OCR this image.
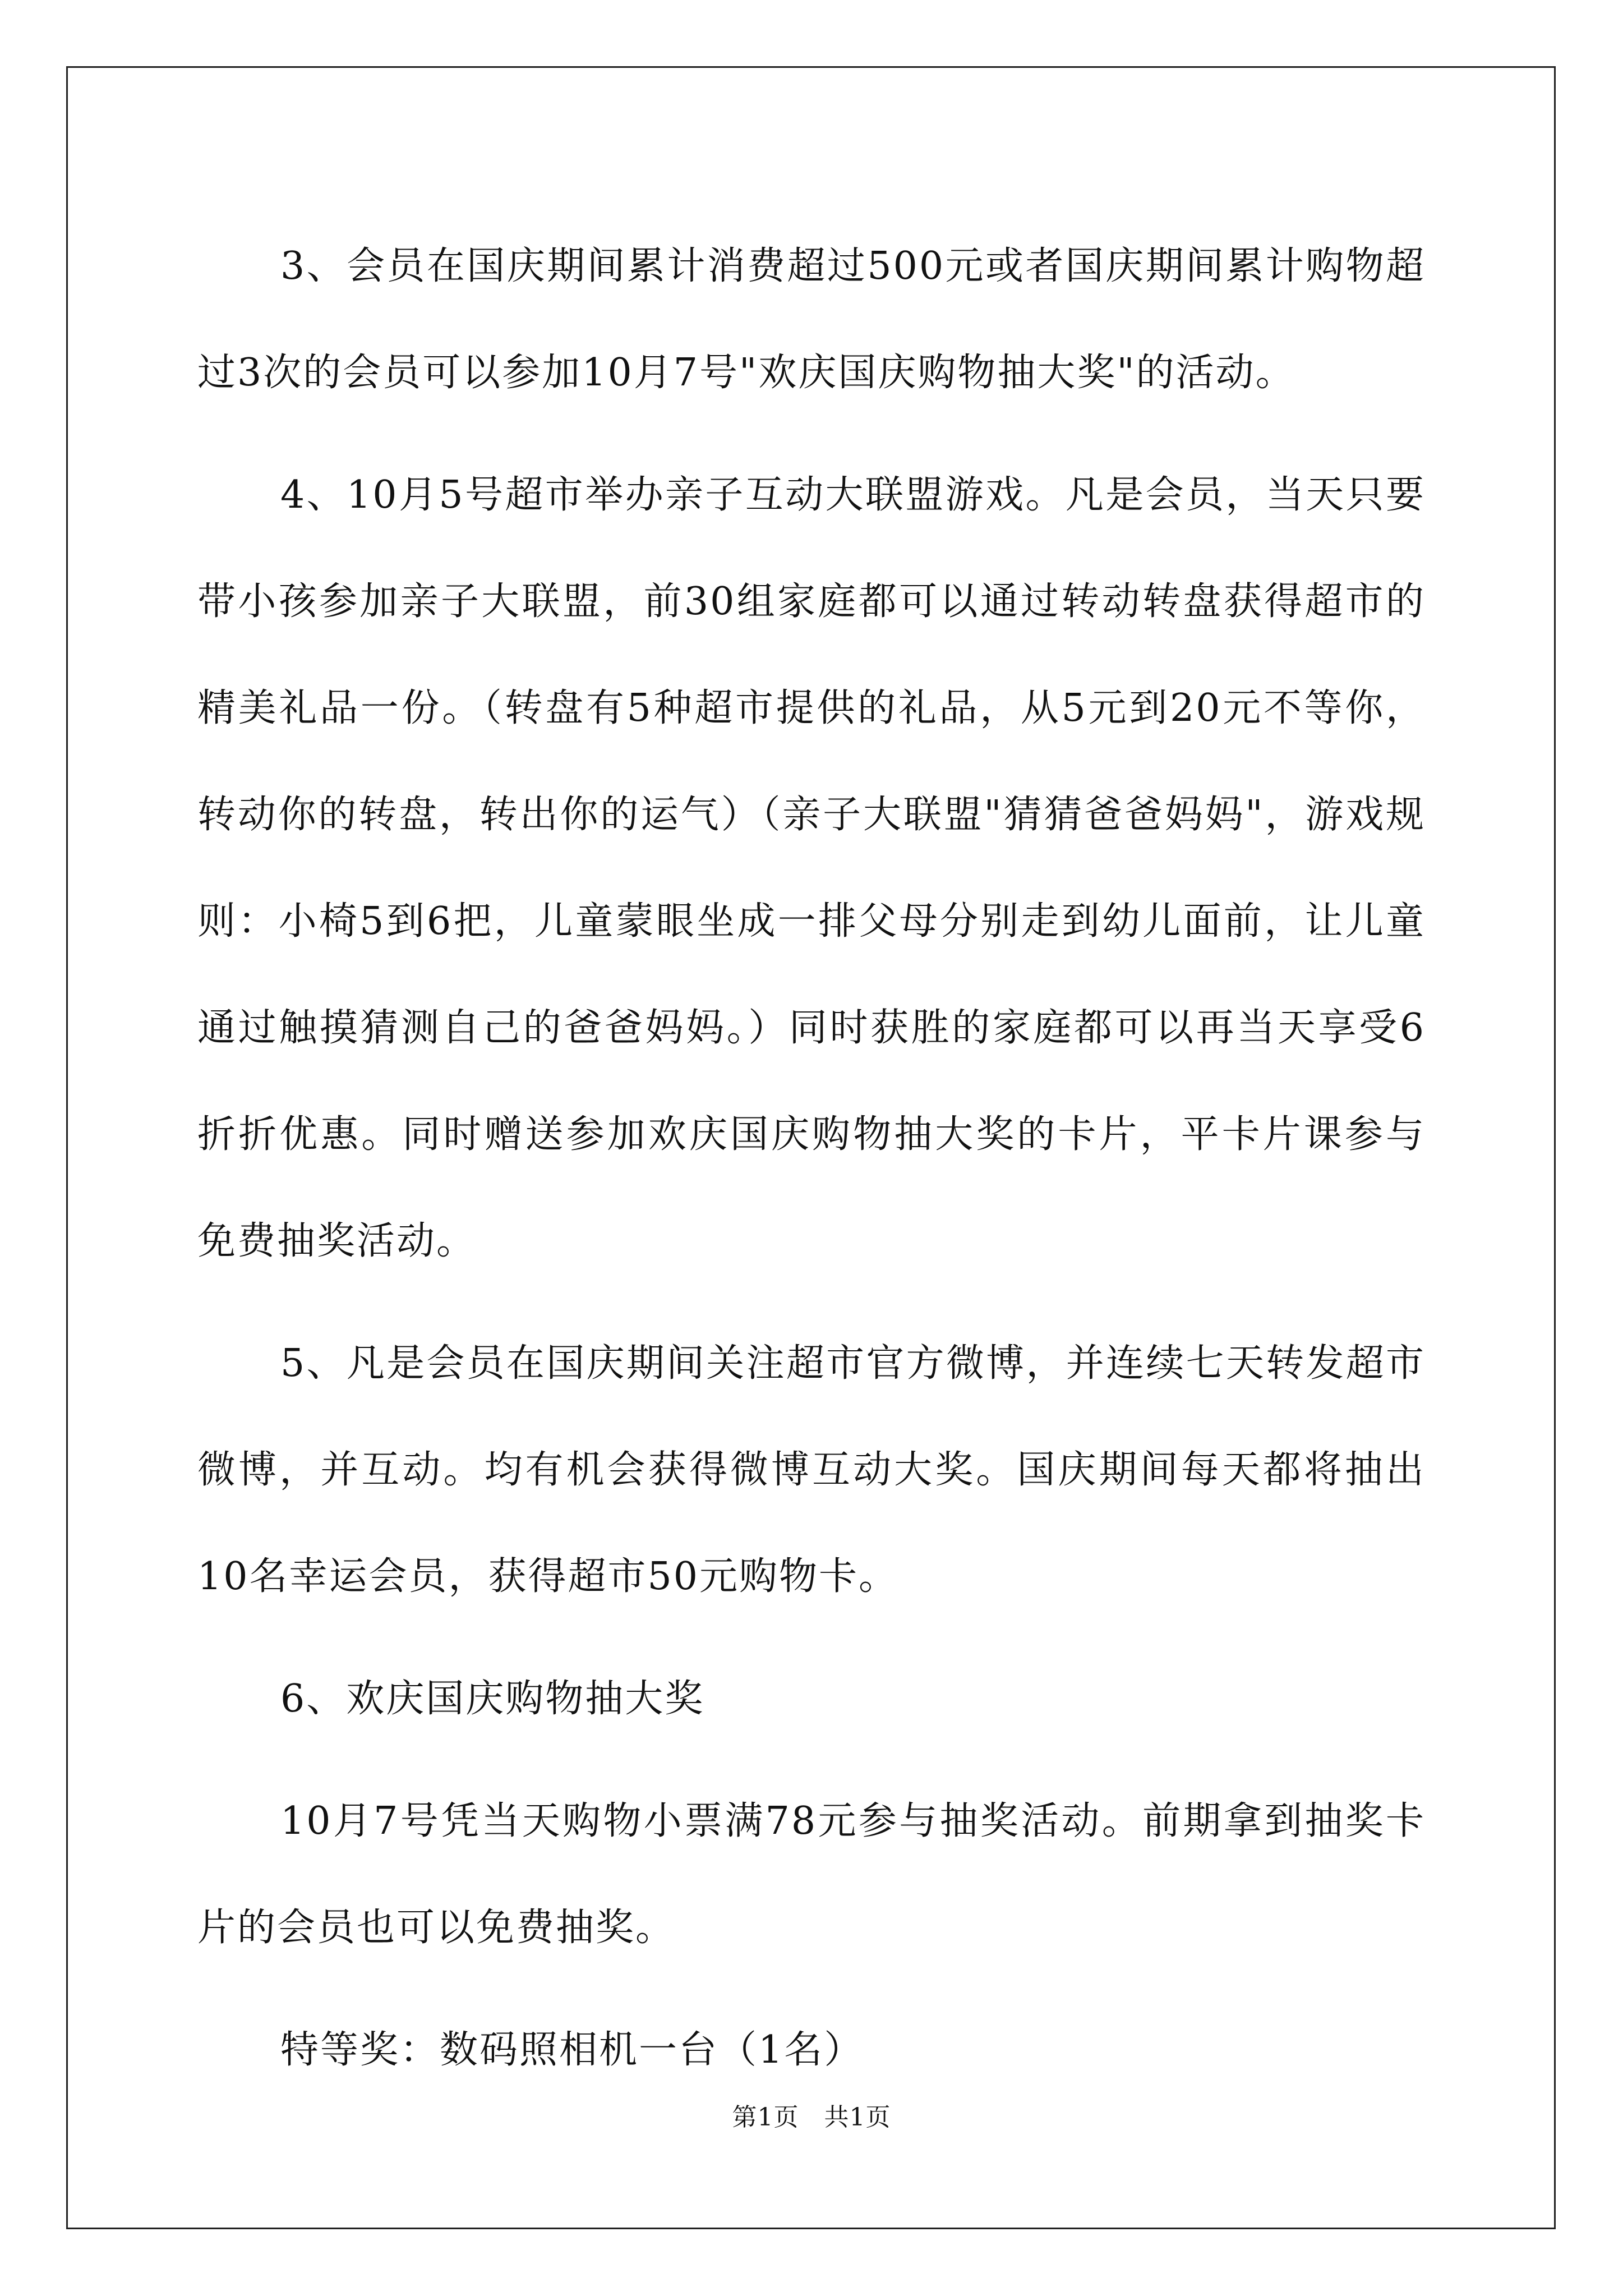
3、会员在国庆期间累计消费超过500元或者国庆期间累计购物超过3次的会员可以参加10月7号"欢庆国庆购物抽大奖"的活动。

4、10月5号超市举办亲子互动大联盟游戏。凡是会员，当天只要带小孩参加亲子大联盟，前30组家庭都可以通过转动转盘获得超市的精美礼品一份。（转盘有5种超市提供的礼品，从5元到20元不等你，转动你的转盘，转出你的运气）（亲子大联盟"猜猜爸爸妈妈"，游戏规则：小椅5到6把，儿童蒙眼坐成一排父母分别走到幼儿面前，让儿童通过触摸猜测自己的爸爸妈妈。）同时获胜的家庭都可以再当天享受6折折优惠。同时赠送参加欢庆国庆购物抽大奖的卡片，平卡片课参与免费抽奖活动。

5、凡是会员在国庆期间关注超市官方微博，并连续七天转发超市微博，并互动。均有机会获得微博互动大奖。国庆期间每天都将抽出10名幸运会员，获得超市50元购物卡。

6、欢庆国庆购物抽大奖

10月7号凭当天购物小票满78元参与抽奖活动。前期拿到抽奖卡片的会员也可以免费抽奖。

特等奖：数码照相机一台（1名）

第1页　共1页
